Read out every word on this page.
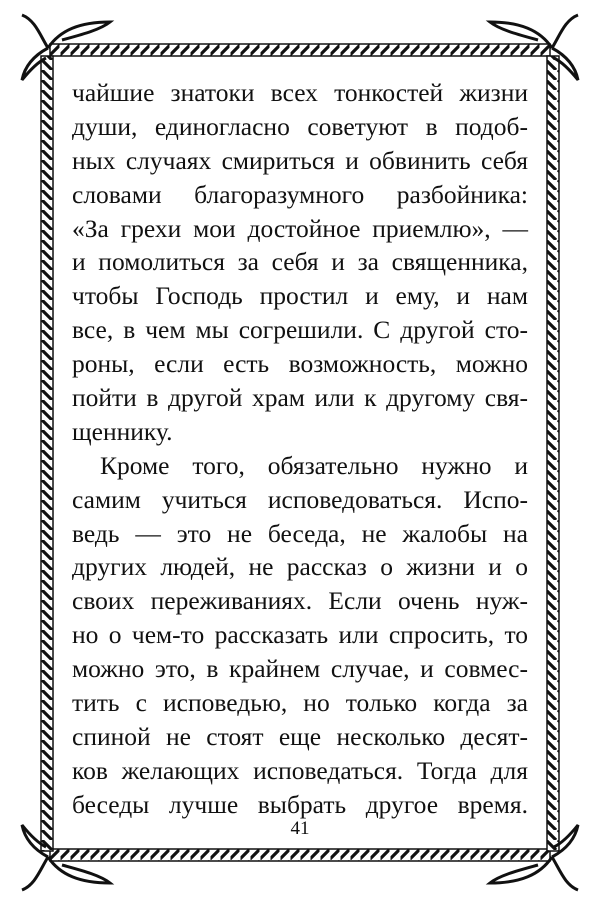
чайшие знатоки всех тонкостей жизни
души, единогласно советуют в подоб-
ных случаях смириться и обвинить себя
словами благоразумного разбойника:
«За грехи мои достойное приемлю», —
и помолиться за себя и за священника,
чтобы Господь простил и ему, и нам
все, в чем мы согрешили. С другой сто-
роны, если есть возможность, можно
пойти в другой храм или к другому свя-
щеннику.
Кроме того, обязательно нужно и
самим учиться исповедоваться. Испо-
ведь — это не беседа, не жалобы на
других людей, не рассказ о жизни и о
своих переживаниях. Если очень нуж-
но о чем-то рассказать или спросить, то
можно это, в крайнем случае, и совмес-
тить с исповедью, но только когда за
спиной не стоят еще несколько десят-
ков желающих исповедаться. Тогда для
беседы лучше выбрать другое время.
41
